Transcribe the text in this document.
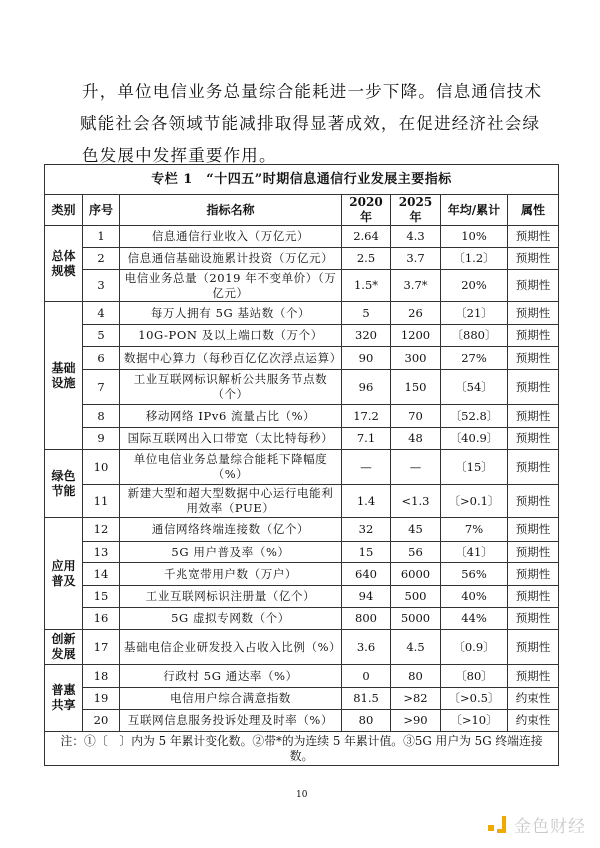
升，单位电信业务总量综合能耗进一步下降。信息通信技术
赋能社会各领域节能减排取得显著成效，在促进经济社会绿
色发展中发挥重要作用。
专栏 1　“十四五”时期信息通信行业发展主要指标						
类别	序号	指标名称	2020 年	2025 年	年均/累计	属性

总体
规模	1	信息通信行业收入（万亿元）	2.64	4.3	10%	预期性
	2	信息通信基础设施累计投资（万亿元）	2.5	3.7	〔1.2〕	预期性
	3	电信业务总量（2019 年不变单价）（万亿元）	1.5*	3.7*	20%	预期性

基础
设施	4	每万人拥有 5G 基站数（个）	5	26	〔21〕	预期性
	5	10G-PON 及以上端口数（万个）	320	1200	〔880〕	预期性
	6	数据中心算力（每秒百亿亿次浮点运算）	90	300	27%	预期性
	7	工业互联网标识解析公共服务节点数（个）	96	150	〔54〕	预期性
	8	移动网络 IPv6 流量占比（%）	17.2	70	〔52.8〕	预期性
	9	国际互联网出入口带宽（太比特每秒）	7.1	48	〔40.9〕	预期性

绿色
节能	10	单位电信业务总量综合能耗下降幅度（%）	—	—	〔15〕	预期性
	11	新建大型和超大型数据中心运行电能利用效率（PUE）	1.4	<1.3	〔>0.1〕	预期性

应用
普及	12	通信网络终端连接数（亿个）	32	45	7%	预期性
	13	5G 用户普及率（%）	15	56	〔41〕	预期性
	14	千兆宽带用户数（万户）	640	6000	56%	预期性
	15	工业互联网标识注册量（亿个）	94	500	40%	预期性
	16	5G 虚拟专网数（个）	800	5000	44%	预期性

创新
发展	17	基础电信企业研发投入占收入比例（%）	3.6	4.5	〔0.9〕	预期性

普惠
共享	18	行政村 5G 通达率（%）	0	80	〔80〕	预期性
	19	电信用户综合满意指数	81.5	>82	〔>0.5〕	约束性
	20	互联网信息服务投诉处理及时率（%）	80	>90	〔>10〕	约束性
注：①〔　〕内为 5 年累计变化数。②带*的为连续 5 年累计值。③5G 用户为 5G 终端连接数。						
10
金色财经
